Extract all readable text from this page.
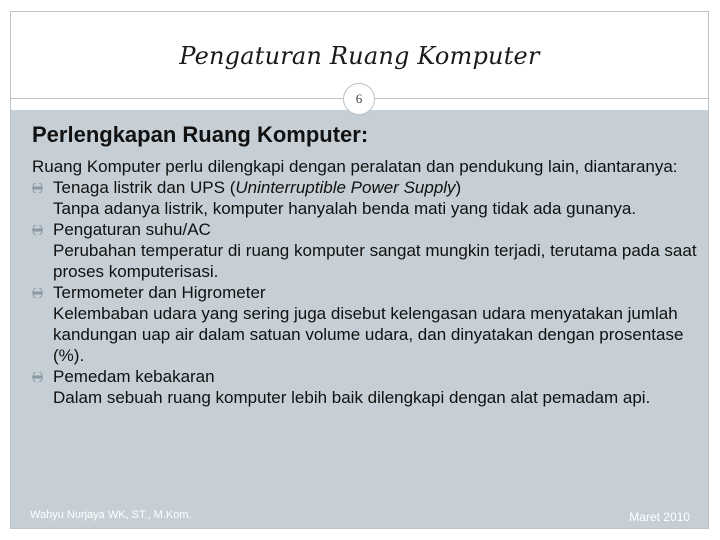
Pengaturan Ruang Komputer
6
Perlengkapan Ruang Komputer:

Ruang Komputer perlu dilengkapi dengan peralatan dan pendukung lain, diantaranya:

Tenaga listrik dan UPS (Uninterruptible Power Supply)

Tanpa adanya listrik, komputer hanyalah benda mati yang tidak ada gunanya.

Pengaturan suhu/AC

Perubahan temperatur di ruang komputer sangat mungkin terjadi, terutama pada saat proses komputerisasi.

Termometer dan Higrometer

Kelembaban udara yang sering juga disebut kelengasan udara menyatakan jumlah kandungan uap air dalam satuan volume udara, dan dinyatakan dengan prosentase (%).

Pemedam kebakaran

Dalam sebuah ruang komputer lebih baik dilengkapi dengan alat pemadam api.

Wahyu Nurjaya WK, ST., M.Kom.	Maret 2010
